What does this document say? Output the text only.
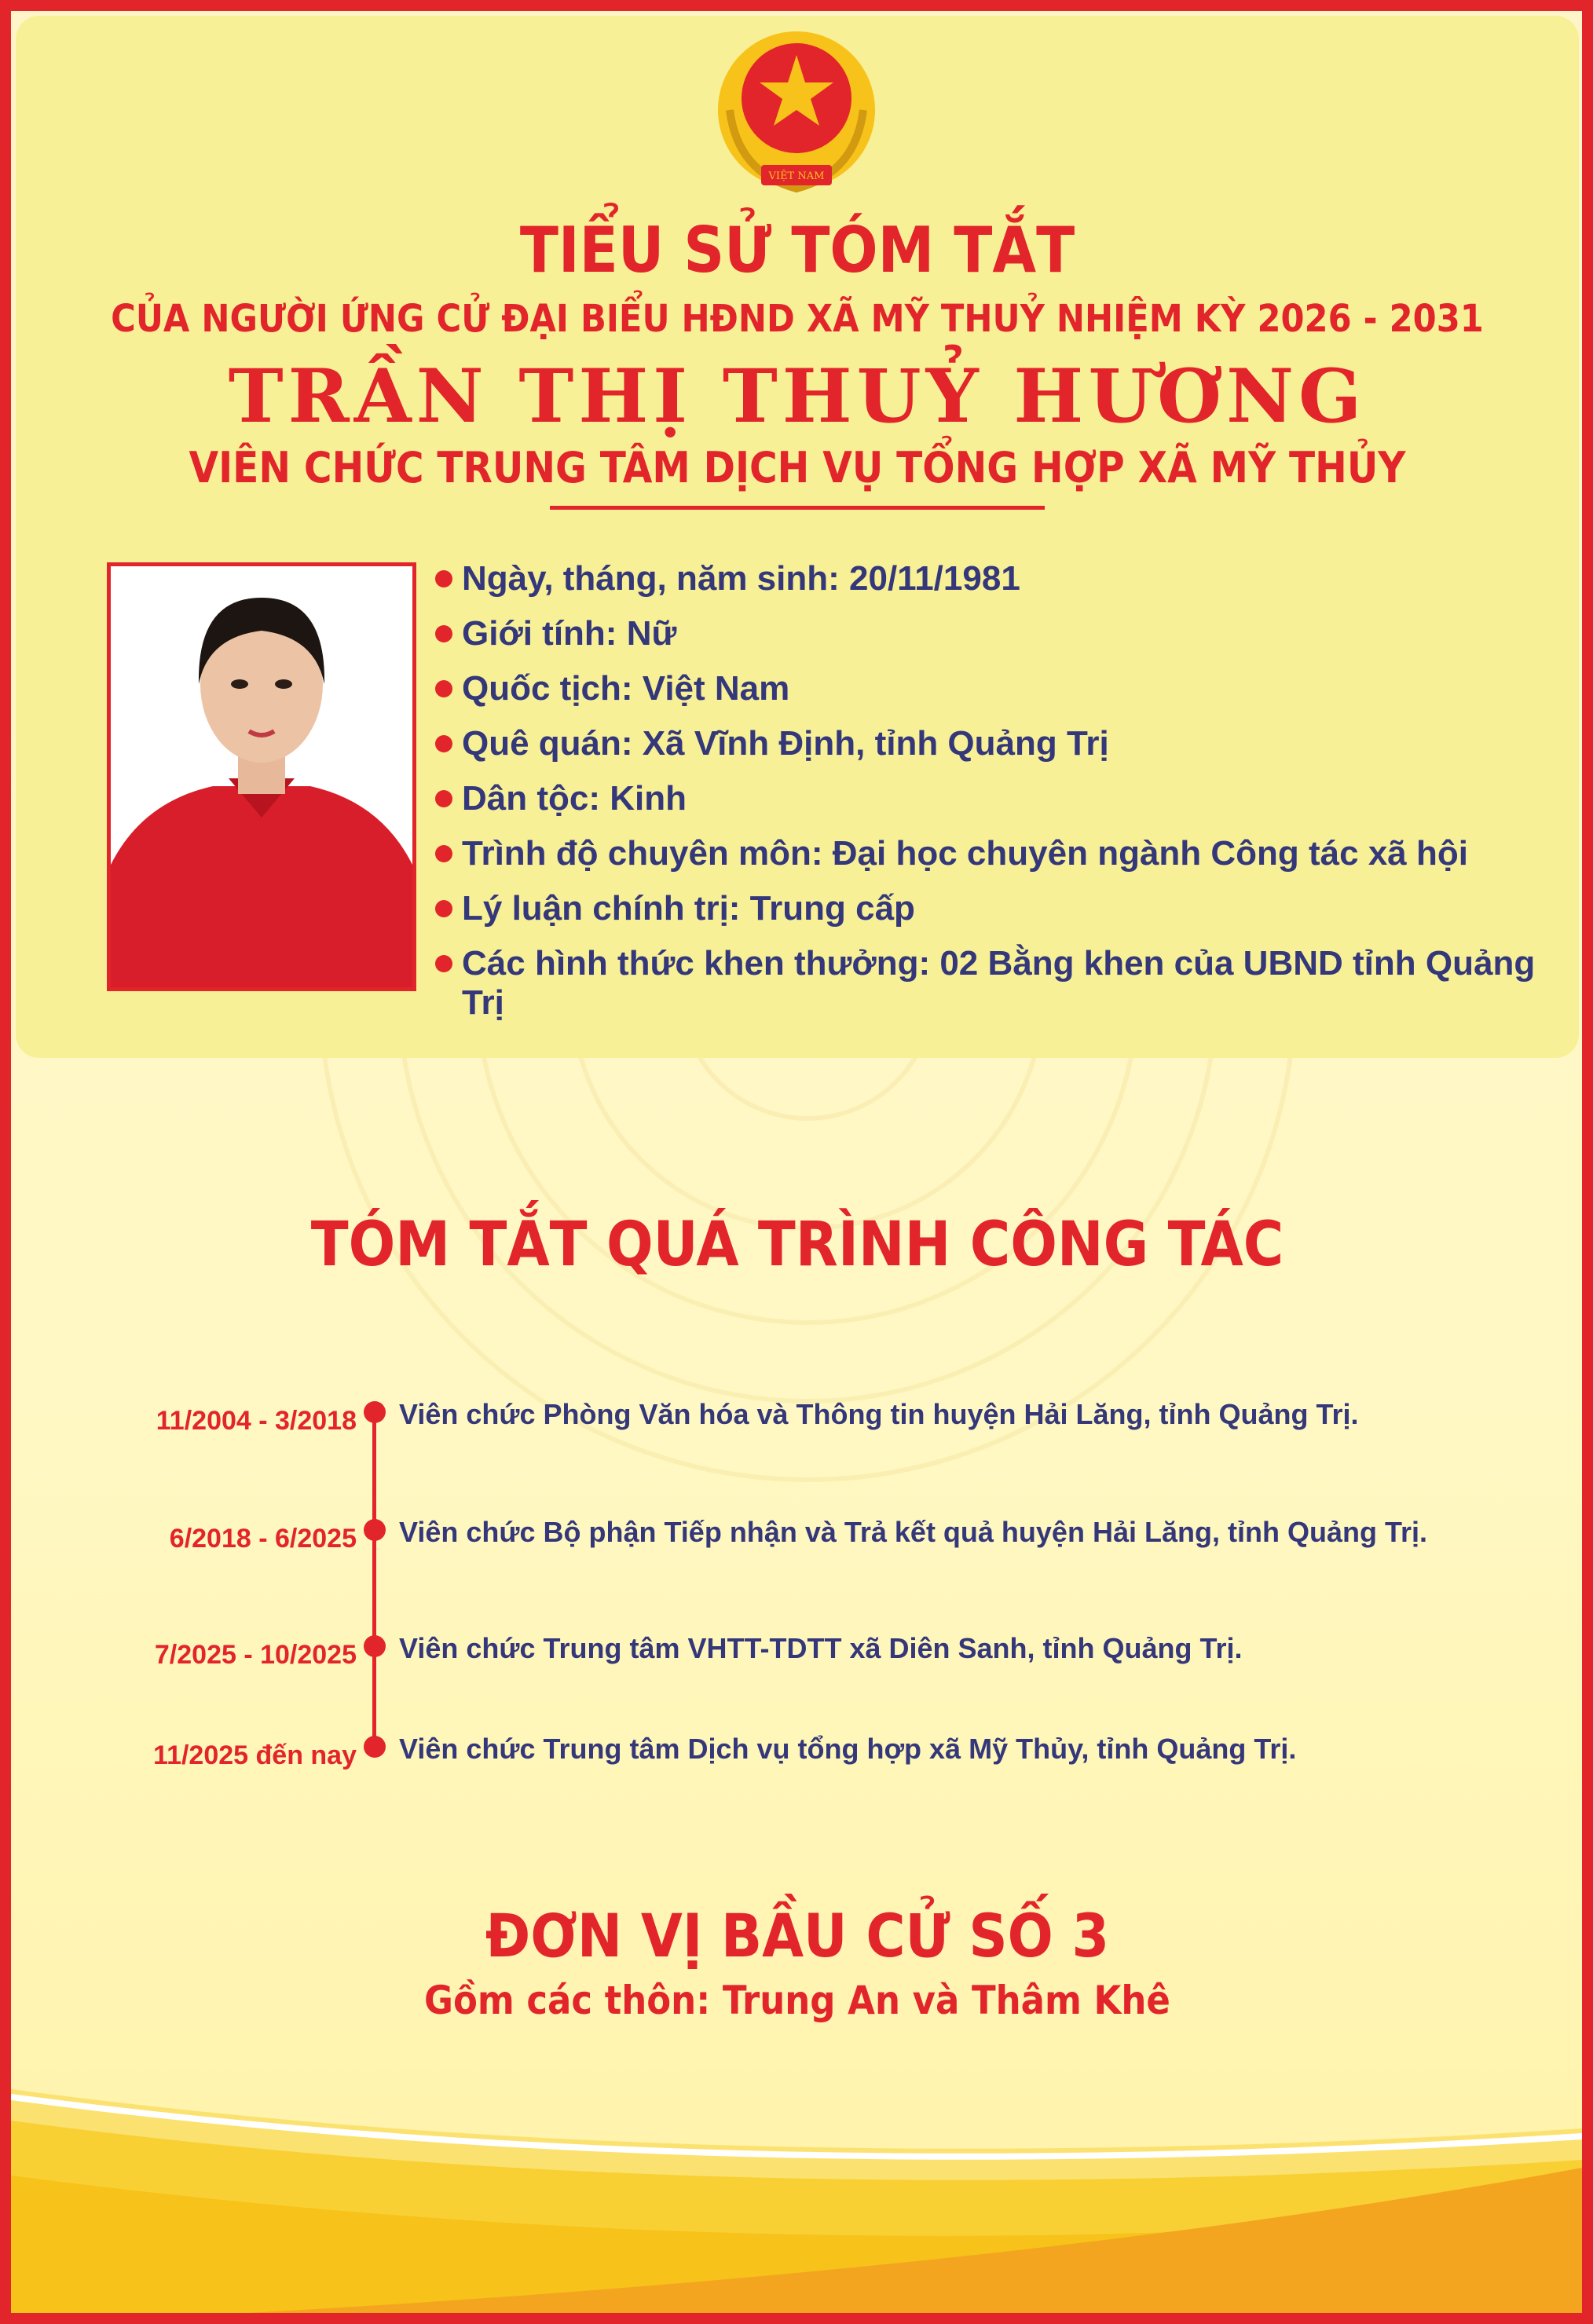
VIỆT NAM
TIỂU SỬ TÓM TẮT
CỦA NGƯỜI ỨNG CỬ ĐẠI BIỂU HĐND XÃ MỸ THUỶ NHIỆM KỲ 2026 - 2031
TRẦN THỊ THUỶ HƯƠNG
VIÊN CHỨC TRUNG TÂM DỊCH VỤ TỔNG HỢP XÃ MỸ THỦY
Ngày, tháng, năm sinh: 20/11/1981
Giới tính: Nữ
Quốc tịch: Việt Nam
Quê quán: Xã Vĩnh Định, tỉnh Quảng Trị
Dân tộc: Kinh
Trình độ chuyên môn: Đại học chuyên ngành Công tác xã hội
Lý luận chính trị: Trung cấp
Các hình thức khen thưởng: 02 Bằng khen của UBND tỉnh Quảng Trị
TÓM TẮT QUÁ TRÌNH CÔNG TÁC
11/2004 - 3/2018 Viên chức Phòng Văn hóa và Thông tin huyện Hải Lăng, tỉnh Quảng Trị.
6/2018 - 6/2025 Viên chức Bộ phận Tiếp nhận và Trả kết quả huyện Hải Lăng, tỉnh Quảng Trị.
7/2025 - 10/2025 Viên chức Trung tâm VHTT-TDTT xã Diên Sanh, tỉnh Quảng Trị.
11/2025 đến nay Viên chức Trung tâm Dịch vụ tổng hợp xã Mỹ Thủy, tỉnh Quảng Trị.
ĐƠN VỊ BẦU CỬ SỐ 3
Gồm các thôn: Trung An và Thâm Khê
